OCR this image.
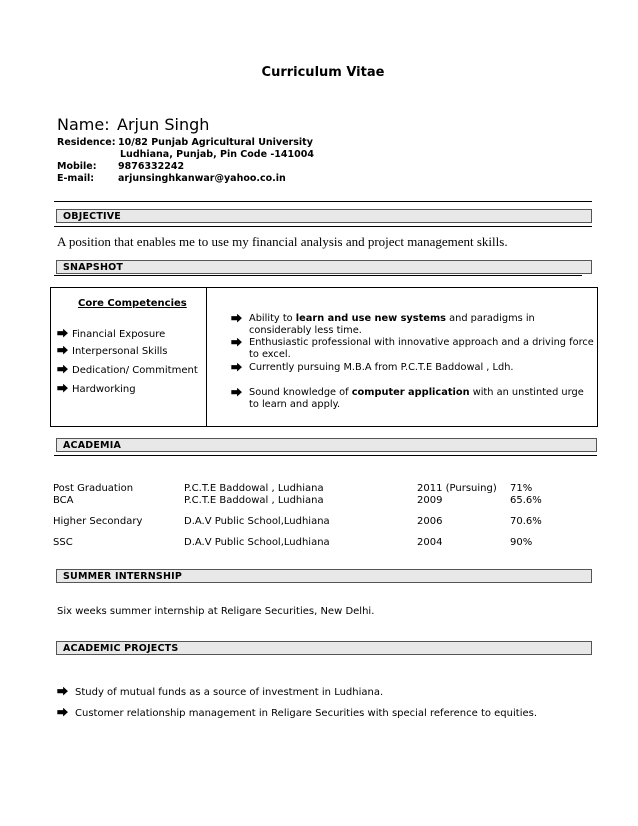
Curriculum Vitae
Name: Arjun Singh
Residence: 10/82 Punjab Agricultural University
Ludhiana, Punjab, Pin Code -141004
Mobile: 9876332242
E-mail:	arjunsinghkanwar@yahoo.co.in
OBJECTIVE
A position that enables me to use my financial analysis and project management skills.
SNAPSHOT
Core Competencies
⮕ Financial Exposure
⮕ Interpersonal Skills
⮕ Dedication/ Commitment
⮕ Hardworking
⮕ Ability to learn and use new systems and paradigms in considerably less time.
⮕ Enthusiastic professional with innovative approach and a driving force to excel.
⮕ Currently pursuing M.B.A from P.C.T.E Baddowal , Ldh.
⮕ Sound knowledge of computer application with an unstinted urge to learn and apply.
ACADEMIA
Post Graduation	P.C.T.E Baddowal , Ludhiana	2011 (Pursuing) 71%
BCA	P.C.T.E Baddowal , Ludhiana	2009	65.6%
Higher Secondary	D.A.V Public School,Ludhiana	2006	70.6%
SSC	D.A.V Public School,Ludhiana	2004	90%
SUMMER INTERNSHIP
Six weeks summer internship at Religare Securities, New Delhi.
ACADEMIC PROJECTS
⮕ Study of mutual funds as a source of investment in Ludhiana.
⮕ Customer relationship management in Religare Securities with special reference to equities.
